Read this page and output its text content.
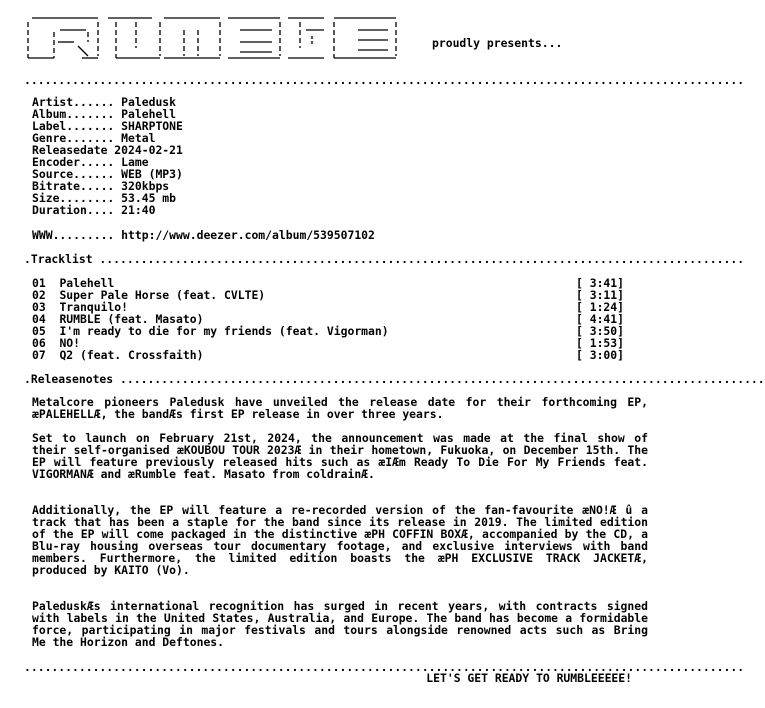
RUMBLE
proudly presents...
.........................................................................................................
Artist...... Paledusk
Album....... Palehell
Label....... SHARPTONE
Genre....... Metal
Releasedate 2024-02-21
Encoder..... Lame
Source...... WEB (MP3)
Bitrate..... 320kbps
Size........ 53.45 mb
Duration.... 21:40
WWW......... http://www.deezer.com/album/539507102
.Tracklist ..............................................................................................
01 Palehell	[ 3:41]
02 Super Pale Horse (feat. CVLTE)	[ 3:11]
03 Tranquilo!	[ 1:24]
04 RUMBLE (feat. Masato)	[ 4:41]
05 I'm ready to die for my friends (feat. Vigorman)	[ 3:50]
06 NO!	[ 1:53]
07 Q2 (feat. Crossfaith)	[ 3:00]
.Releasenotes ..............................................................................................
Metalcore pioneers Paledusk have unveiled the release date for their forthcoming EP, æPALEHELLÆ, the bandÆs first EP release in over three years.
Set to launch on February 21st, 2024, the announcement was made at the final show of their self-organised æKOUBOU TOUR 2023Æ in their hometown, Fukuoka, on December 15th. The EP will feature previously released hits such as æIÆm Ready To Die For My Friends feat. VIGORMANÆ and æRumble feat. Masato from coldrainÆ.
Additionally, the EP will feature a re-recorded version of the fan-favourite æNO!Æ û a track that has been a staple for the band since its release in 2019. The limited edition of the EP will come packaged in the distinctive æPH COFFIN BOXÆ, accompanied by the CD, a Blu-ray housing overseas tour documentary footage, and exclusive interviews with band members. Furthermore, the limited edition boasts the æPH EXCLUSIVE TRACK JACKETÆ, produced by KAITO (Vo).
PaleduskÆs international recognition has surged in recent years, with contracts signed with labels in the United States, Australia, and Europe. The band has become a formidable force, participating in major festivals and tours alongside renowned acts such as Bring Me the Horizon and Deftones.
.........................................................................................................
LET'S GET READY TO RUMBLEEEEE!
